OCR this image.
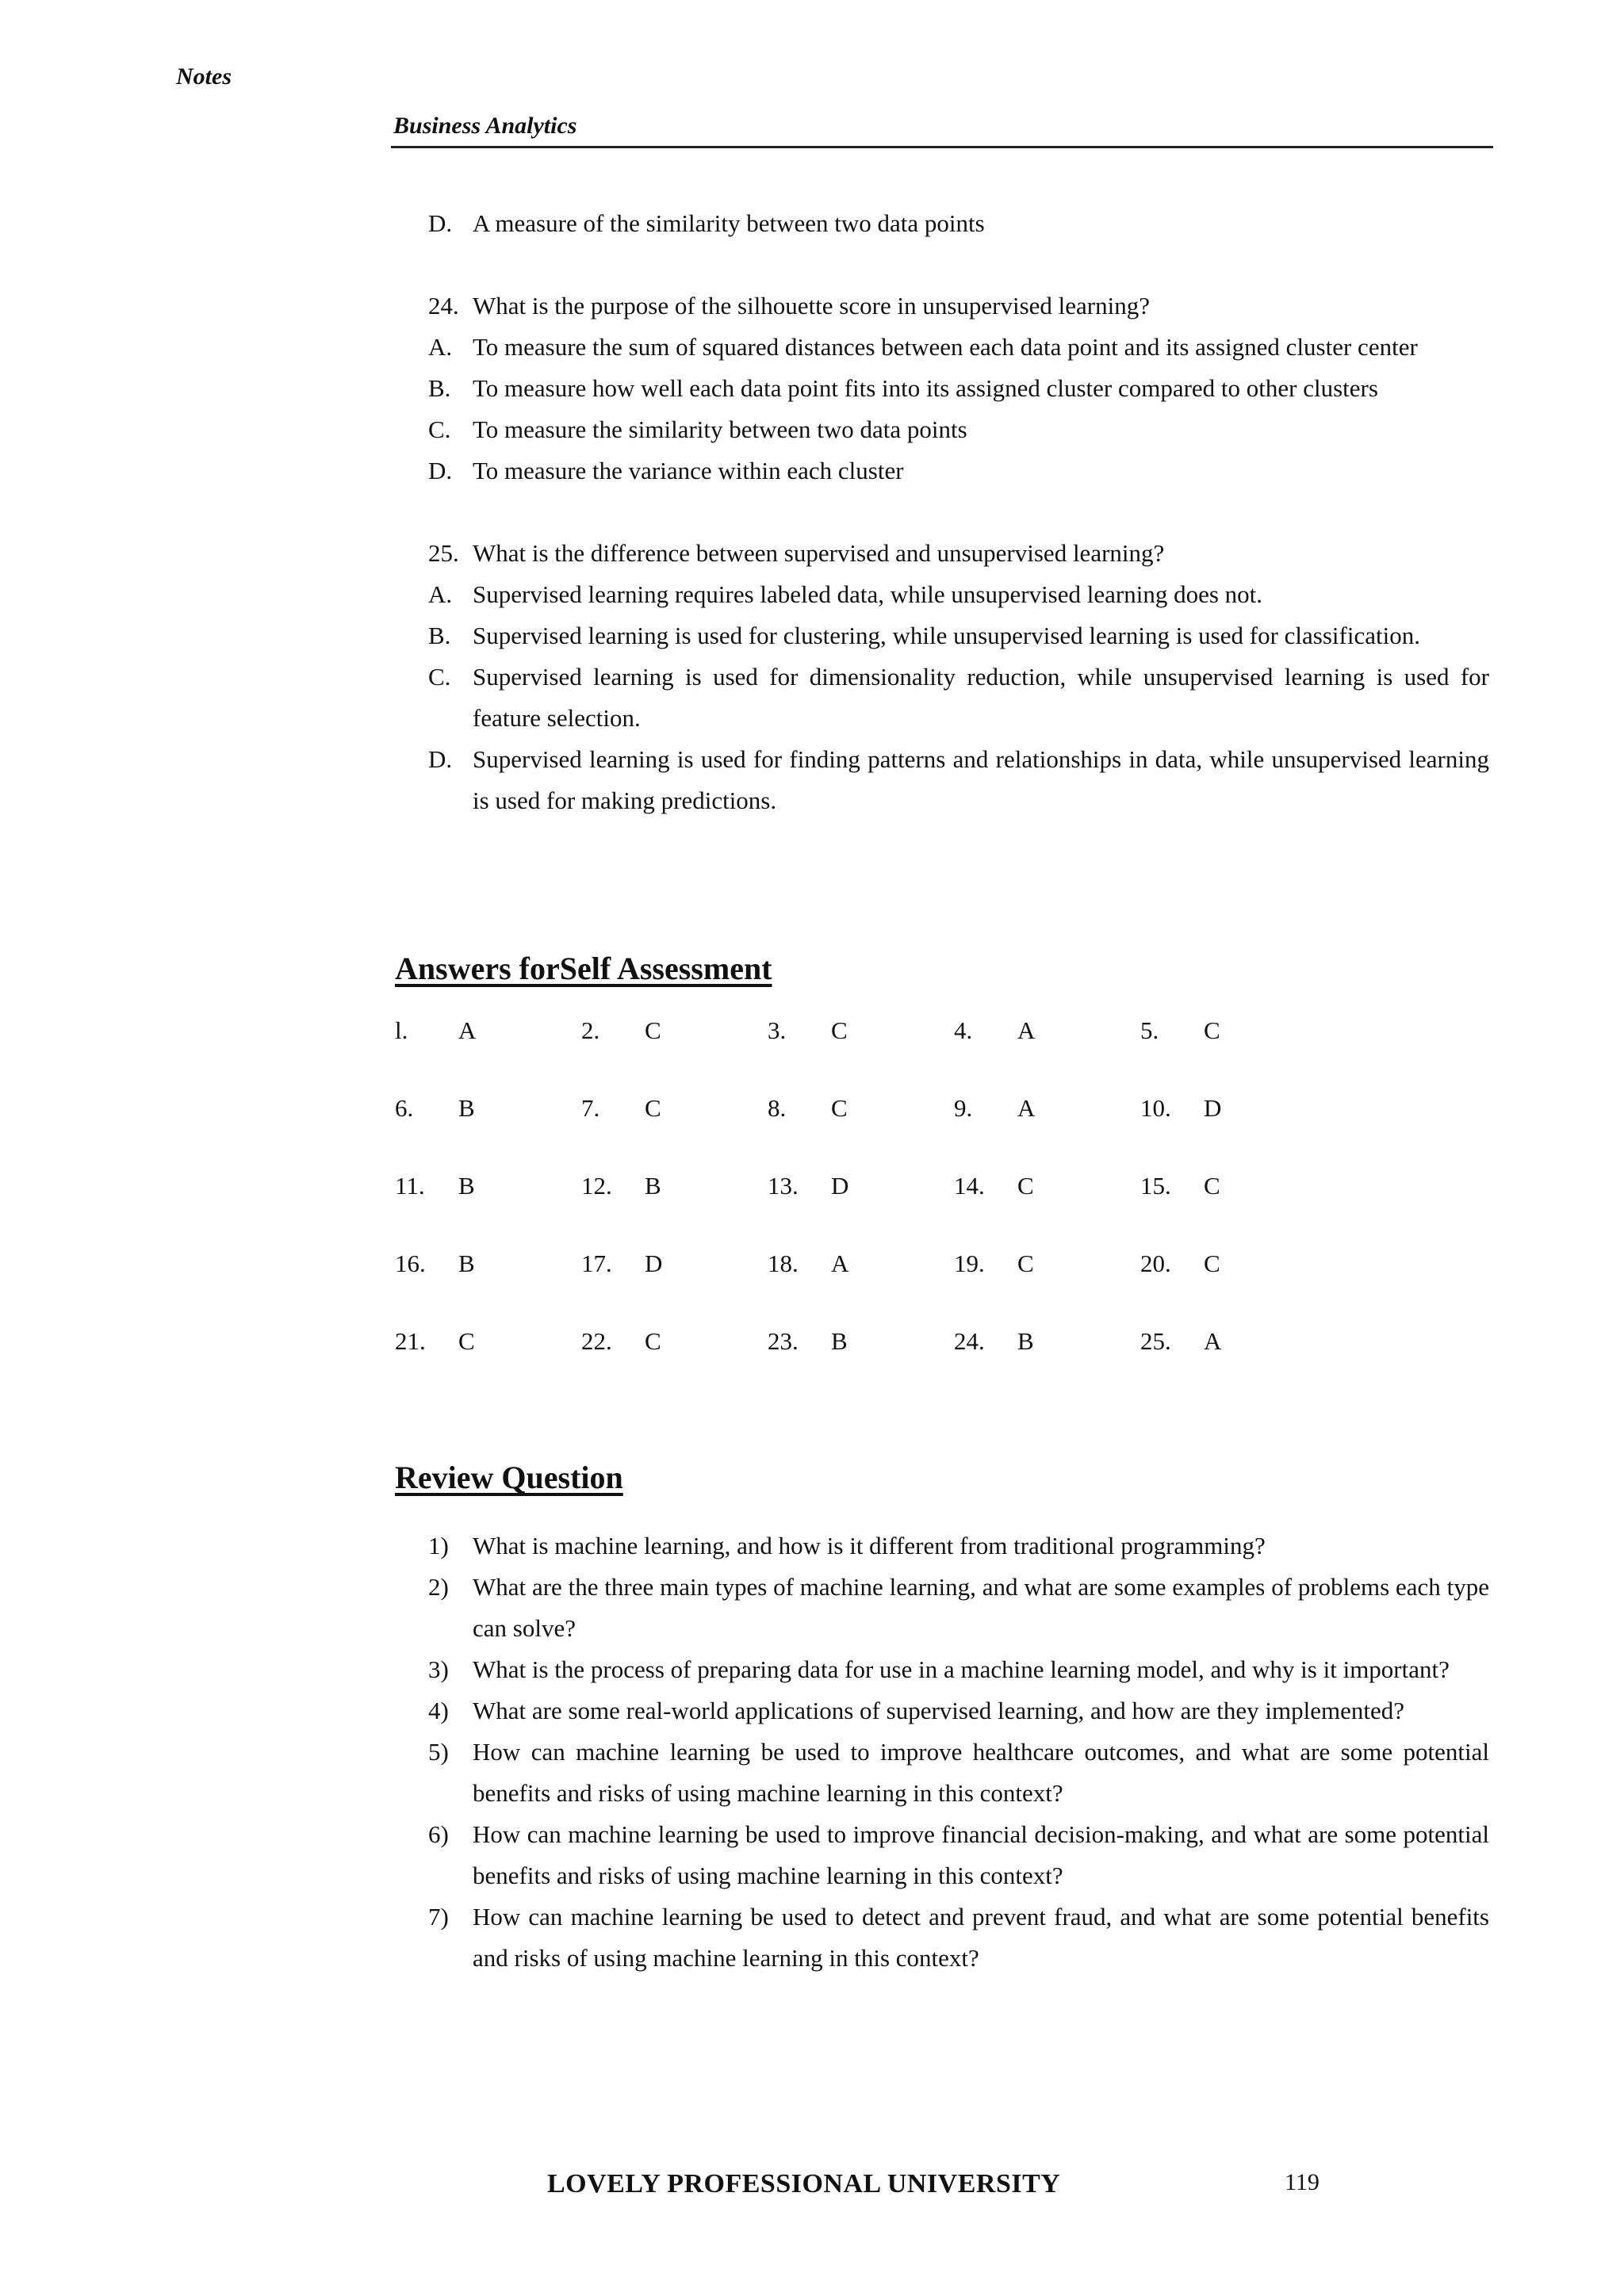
Notes
Business Analytics
D. A measure of the similarity between two data points
24. What is the purpose of the silhouette score in unsupervised learning?
A. To measure the sum of squared distances between each data point and its assigned cluster center
B. To measure how well each data point fits into its assigned cluster compared to other clusters
C. To measure the similarity between two data points
D. To measure the variance within each cluster
25. What is the difference between supervised and unsupervised learning?
A. Supervised learning requires labeled data, while unsupervised learning does not.
B. Supervised learning is used for clustering, while unsupervised learning is used for classification.
C. Supervised learning is used for dimensionality reduction, while unsupervised learning is used for feature selection.
D. Supervised learning is used for finding patterns and relationships in data, while unsupervised learning is used for making predictions.
Answers forSelf Assessment
l.	A	2.	C	3.	C	4.	A	5.	C
6.	B	7.	C	8.	C	9.	A	10.	D
11.	B	12.	B	13.	D	14.	C	15.	C
16.	B	17.	D	18.	A	19.	C	20.	C
21.	C	22.	C	23.	B	24.	B	25.	A
Review Question
1) What is machine learning, and how is it different from traditional programming?
2) What are the three main types of machine learning, and what are some examples of problems each type can solve?
3) What is the process of preparing data for use in a machine learning model, and why is it important?
4) What are some real-world applications of supervised learning, and how are they implemented?
5) How can machine learning be used to improve healthcare outcomes, and what are some potential benefits and risks of using machine learning in this context?
6) How can machine learning be used to improve financial decision-making, and what are some potential benefits and risks of using machine learning in this context?
7) How can machine learning be used to detect and prevent fraud, and what are some potential benefits and risks of using machine learning in this context?
LOVELY PROFESSIONAL UNIVERSITY	119
